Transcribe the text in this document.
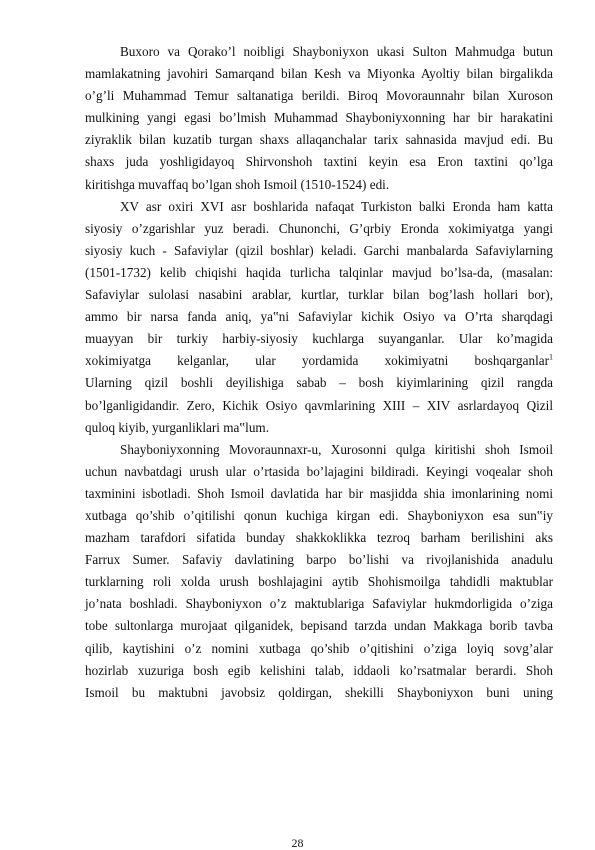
Buxoro va Qorako’l noibligi Shayboniyxon ukasi Sulton Mahmudga butun
mamlakatning javohiri Samarqand bilan Kesh va Miyonka Ayoltiy bilan birgalikda
o’g’li Muhammad Temur saltanatiga berildi. Biroq Movoraunnahr bilan Xuroson
mulkining yangi egasi bo’lmish Muhammad Shayboniyxonning har bir harakatini
ziyraklik bilan kuzatib turgan shaxs allaqanchalar tarix sahnasida mavjud edi. Bu
shaxs juda yoshligidayoq Shirvonshoh taxtini keyin esa Eron taxtini qo’lga
kiritishga muvaffaq bo’lgan shoh Ismoil (1510-1524) edi.
XV asr oxiri XVI asr boshlarida nafaqat Turkiston balki Eronda ham katta
siyosiy o’zgarishlar yuz beradi. Chunonchi, G’qrbiy Eronda xokimiyatga yangi
siyosiy kuch - Safaviylar (qizil boshlar) keladi. Garchi manbalarda Safaviylarning
(1501-1732) kelib chiqishi haqida turlicha talqinlar mavjud bo’lsa-da, (masalan:
Safaviylar sulolasi nasabini arablar, kurtlar, turklar bilan bog’lash hollari bor),
ammo bir narsa fanda aniq, ya‟ni Safaviylar kichik Osiyo va O’rta sharqdagi
muayyan bir turkiy harbiy-siyosiy kuchlarga suyanganlar. Ular ko’magida
xokimiyatga kelganlar, ular yordamida xokimiyatni boshqarganlar$^1$
Ularning qizil boshli deyilishiga sabab – bosh kiyimlarining qizil rangda
bo’lganligidandir. Zero, Kichik Osiyo qavmlarining XIII – XIV asrlardayoq Qizil
quloq kiyib, yurganliklari ma‟lum.
Shayboniyxonning Movoraunnaxr-u, Xurosonni qulga kiritishi shoh Ismoil
uchun navbatdagi urush ular o’rtasida bo’lajagini bildiradi. Keyingi voqealar shoh
taxminini isbotladi. Shoh Ismoil davlatida har bir masjidda shia imonlarining nomi
xutbaga qo’shib o’qitilishi qonun kuchiga kirgan edi. Shayboniyxon esa sun‟iy
mazham tarafdori sifatida bunday shakkoklikka tezroq barham berilishini aks
Farrux Sumer. Safaviy davlatining barpo bo’lishi va rivojlanishida anadulu
turklarning roli xolda urush boshlajagini aytib Shohismoilga tahdidli maktublar
jo’nata boshladi. Shayboniyxon o’z maktublariga Safaviylar hukmdorligida o’ziga
tobe sultonlarga murojaat qilganidek, bepisand tarzda undan Makkaga borib tavba
qilib, kaytishini o’z nomini xutbaga qo’shib o’qitishini o’ziga loyiq sovg’alar
hozirlab xuzuriga bosh egib kelishini talab, iddaoli ko’rsatmalar berardi. Shoh
Ismoil bu maktubni javobsiz qoldirgan, shekilli Shayboniyxon buni uning
28
